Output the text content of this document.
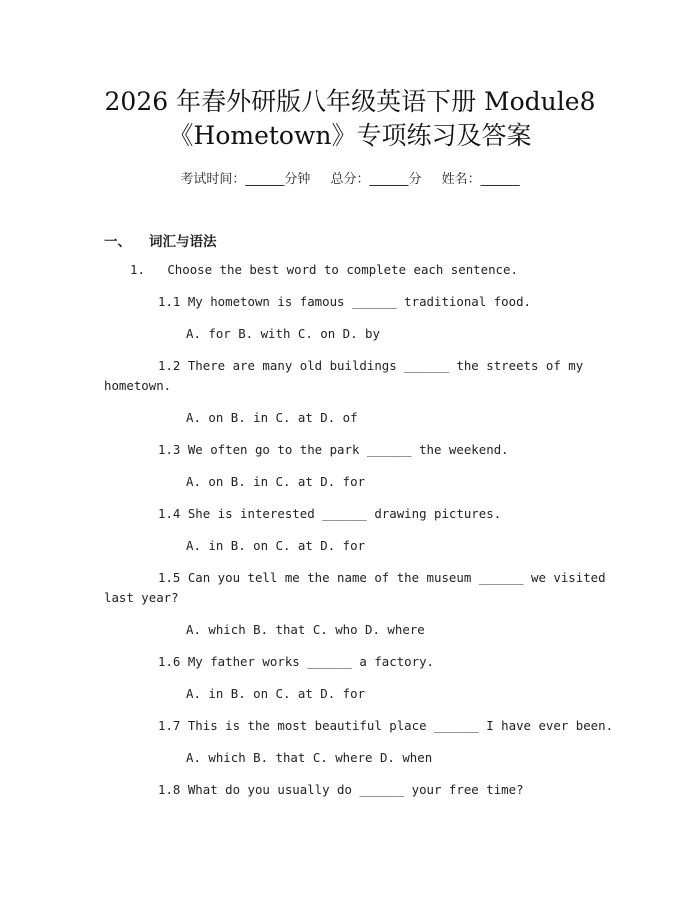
2026 年春外研版八年级英语下册 Module8
《Hometown》专项练习及答案
考试时间：______分钟 总分：______分 姓名：______
一、 词汇与语法
1. Choose the best word to complete each sentence.
1.1 My hometown is famous ______ traditional food.
A. for B. with C. on D. by
1.2 There are many old buildings ______ the streets of my
hometown.
A. on B. in C. at D. of
1.3 We often go to the park ______ the weekend.
A. on B. in C. at D. for
1.4 She is interested ______ drawing pictures.
A. in B. on C. at D. for
1.5 Can you tell me the name of the museum ______ we visited
last year?
A. which B. that C. who D. where
1.6 My father works ______ a factory.
A. in B. on C. at D. for
1.7 This is the most beautiful place ______ I have ever been.
A. which B. that C. where D. when
1.8 What do you usually do ______ your free time?
